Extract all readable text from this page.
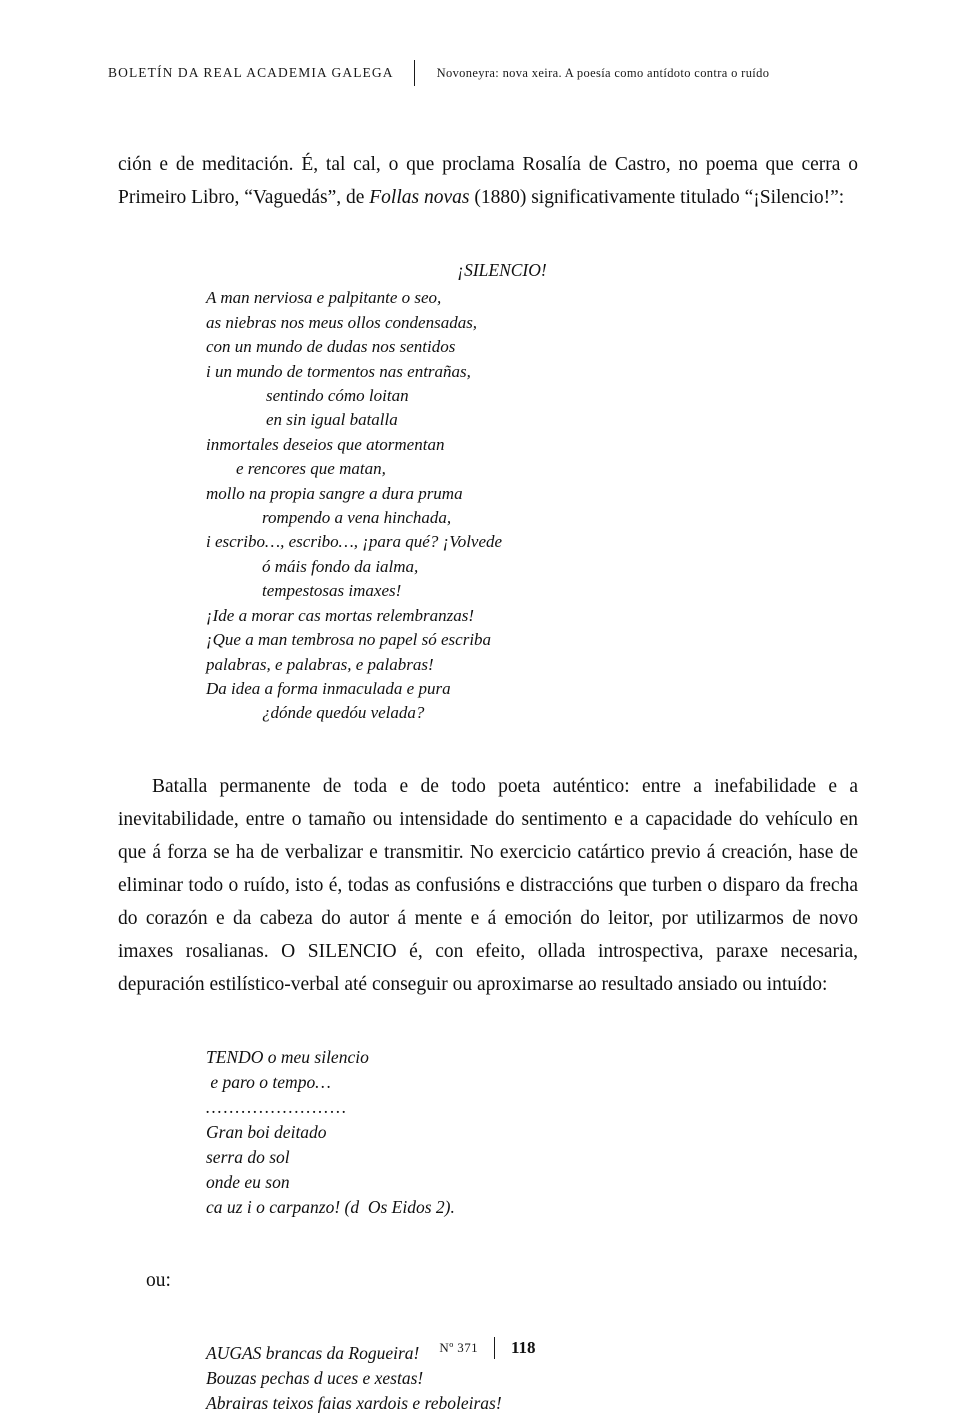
BOLETÍN DA REAL ACADEMIA GALEGA	Novoneyra: nova xeira. A poesía como antídoto contra o ruído

ción e de meditación. É, tal cal, o que proclama Rosalía de Castro, no poema que cerra o Primeiro Libro, “Vaguedás”, de Follas novas (1880) significativamente titulado “¡Silencio!”:

¡SILENCIO!
A man nerviosa e palpitante o seo,
as niebras nos meus ollos condensadas,
con un mundo de dudas nos sentidos
i un mundo de tormentos nas entrañas,
sentindo cómo loitan
en sin igual batalla
inmortales deseios que atormentan
e rencores que matan,
mollo na propia sangre a dura pruma
rompendo a vena hinchada,
i escribo…, escribo…, ¡para qué? ¡Volvede
ó máis fondo da ialma,
tempestosas imaxes!
¡Ide a morar cas mortas relembranzas!
¡Que a man tembrosa no papel só escriba
palabras, e palabras, e palabras!
Da idea a forma inmaculada e pura
¿dónde quedóu velada?

Batalla permanente de toda e de todo poeta auténtico: entre a inefabilidade e a inevitabilidade, entre o tamaño ou intensidade do sentimento e a capacidade do vehículo en que á forza se ha de verbalizar e transmitir. No exercicio catártico previo á creación, hase de eliminar todo o ruído, isto é, todas as confusións e distraccións que turben o disparo da frecha do corazón e da cabeza do autor á mente e á emoción do leitor, por utilizarmos de novo imaxes rosalianas. O SILENCIO é, con efeito, ollada introspectiva, paraxe necesaria, depuración estilístico-verbal até conseguir ou aproximarse ao resultado ansiado ou intuído:

TENDO o meu silencio
e paro o tempo…
……………………
Gran boi deitado
serra do sol
onde eu son
ca uz i o carpanzo! (d  Os Eidos 2).
ou:
AUGAS brancas da Rogueira!
Bouzas pechas d uces e xestas!
Abrairas teixos faias xardois e reboleiras!
Nº 371 118
